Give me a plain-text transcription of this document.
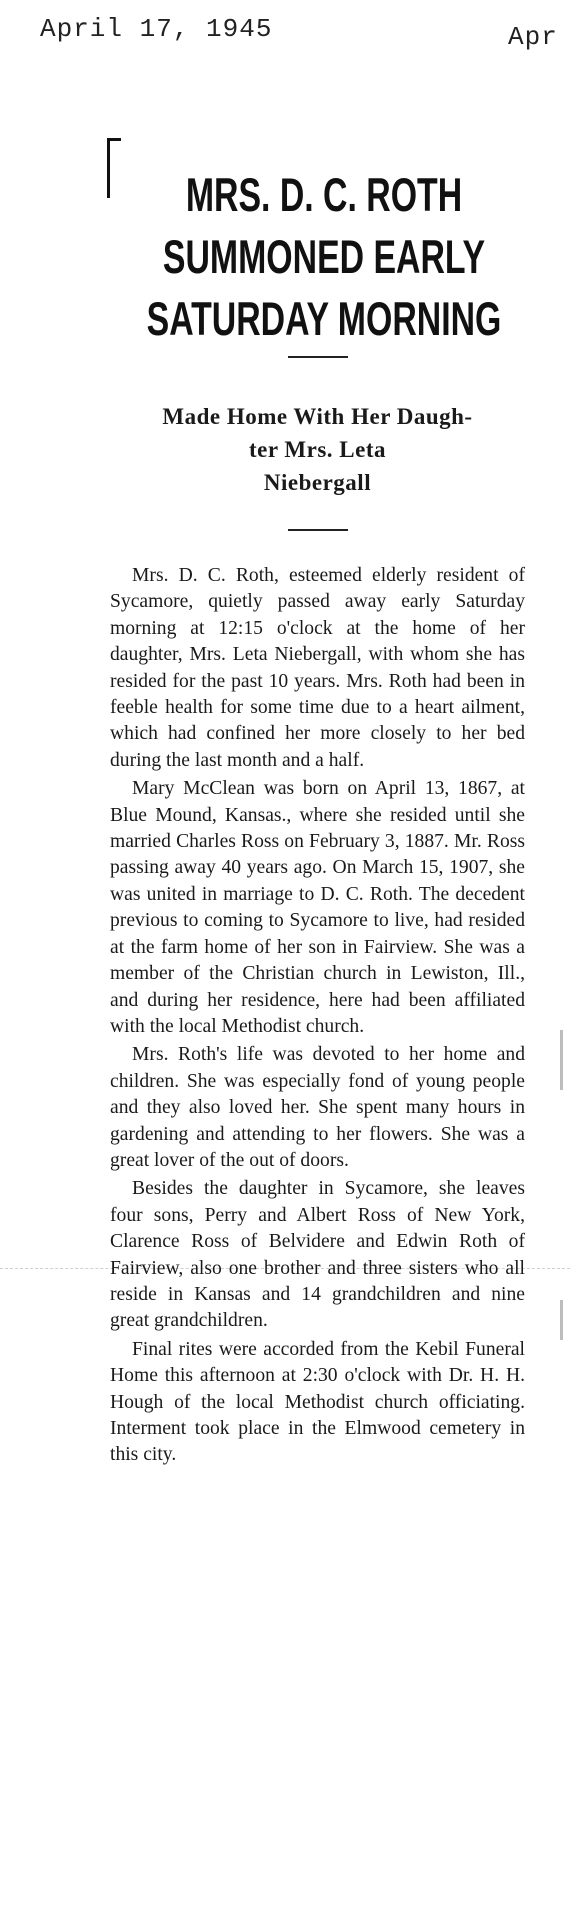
April 17, 1945	Apr
MRS. D. C. ROTH
SUMMONED EARLY
SATURDAY MORNING
Made Home With Her Daugh-
ter Mrs. Leta
Niebergall

Mrs. D. C. Roth, esteemed elderly resident of Sycamore, quietly passed away early Saturday morning at 12:15 o'clock at the home of her daughter, Mrs. Leta Niebergall, with whom she has resided for the past 10 years. Mrs. Roth had been in feeble health for some time due to a heart ailment, which had confined her more closely to her bed during the last month and a half.

Mary McClean was born on April 13, 1867, at Blue Mound, Kansas., where she resided until she married Charles Ross on February 3, 1887. Mr. Ross passing away 40 years ago. On March 15, 1907, she was united in marriage to D. C. Roth. The decedent previous to coming to Sycamore to live, had resided at the farm home of her son in Fairview. She was a member of the Christian church in Lewiston, Ill., and during her residence, here had been affiliated with the local Methodist church.

Mrs. Roth's life was devoted to her home and children. She was especially fond of young people and they also loved her. She spent many hours in gardening and attending to her flowers. She was a great lover of the out of doors.

Besides the daughter in Sycamore, she leaves four sons, Perry and Albert Ross of New York, Clarence Ross of Belvidere and Edwin Roth of Fairview, also one brother and three sisters who all reside in Kansas and 14 grandchildren and nine great grandchildren.

Final rites were accorded from the Kebil Funeral Home this afternoon at 2:30 o'clock with Dr. H. H. Hough of the local Methodist church officiating. Interment took place in the Elmwood cemetery in this city.
